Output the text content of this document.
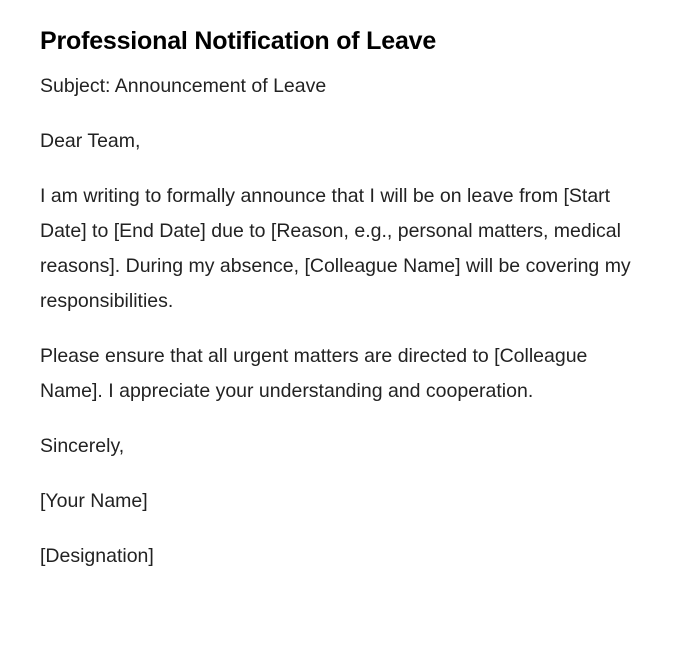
Professional Notification of Leave

Subject: Announcement of Leave

Dear Team,

I am writing to formally announce that I will be on leave from [Start Date] to [End Date] due to [Reason, e.g., personal matters, medical reasons]. During my absence, [Colleague Name] will be covering my responsibilities.

Please ensure that all urgent matters are directed to [Colleague Name]. I appreciate your understanding and cooperation.

Sincerely,

[Your Name]

[Designation]
